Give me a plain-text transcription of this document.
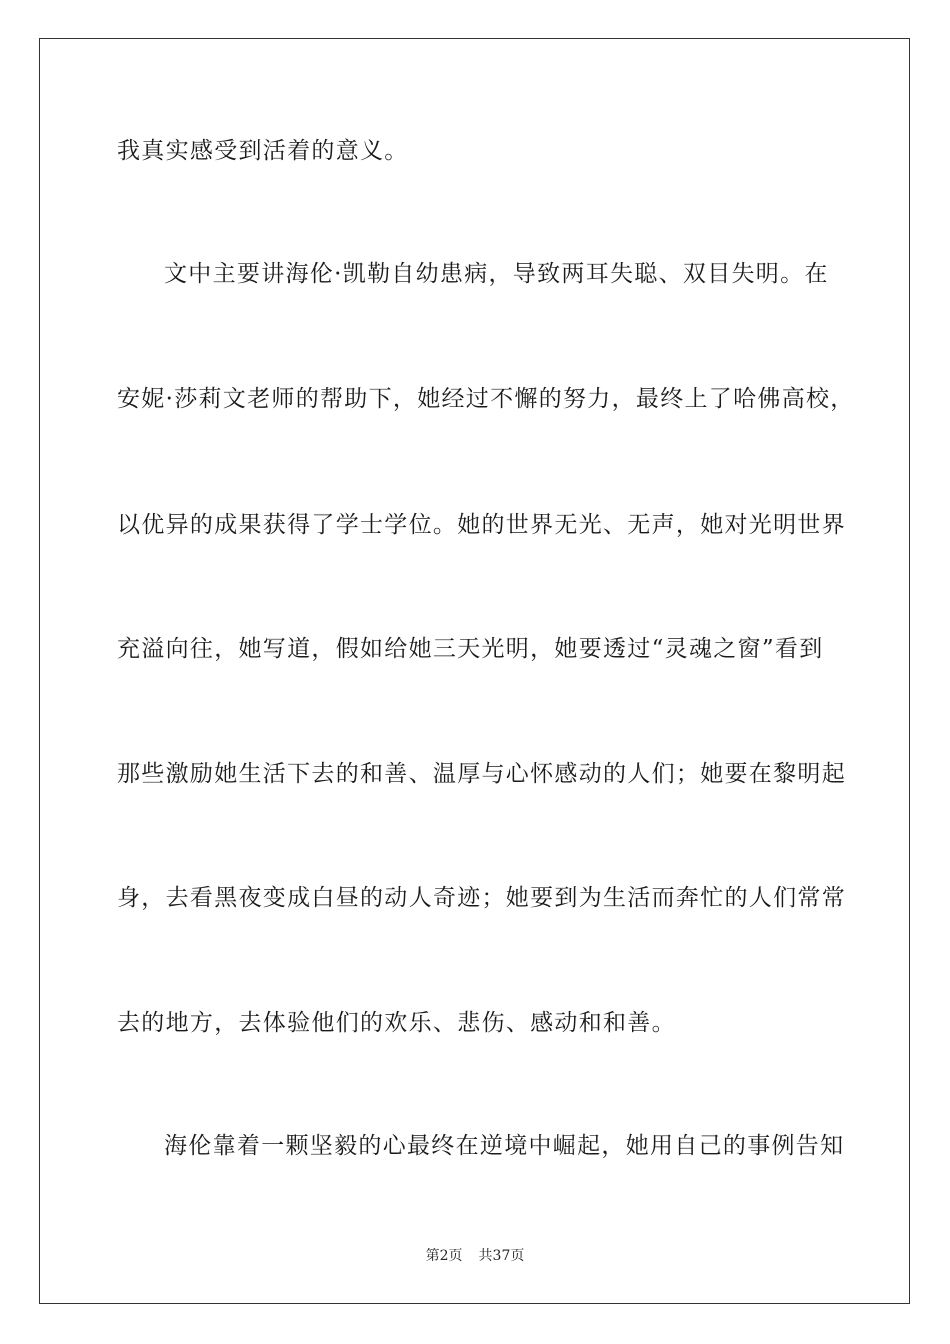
我真实感受到活着的意义。
文中主要讲海伦·凯勒自幼患病，导致两耳失聪、双目失明。在
安妮·莎莉文老师的帮助下，她经过不懈的努力，最终上了哈佛高校，
以优异的成果获得了学士学位。她的世界无光、无声，她对光明世界
充溢向往，她写道，假如给她三天光明，她要透过“灵魂之窗”看到
那些激励她生活下去的和善、温厚与心怀感动的人们；她要在黎明起
身，去看黑夜变成白昼的动人奇迹；她要到为生活而奔忙的人们常常
去的地方，去体验他们的欢乐、悲伤、感动和和善。
海伦靠着一颗坚毅的心最终在逆境中崛起，她用自己的事例告知
第2页 共37页
